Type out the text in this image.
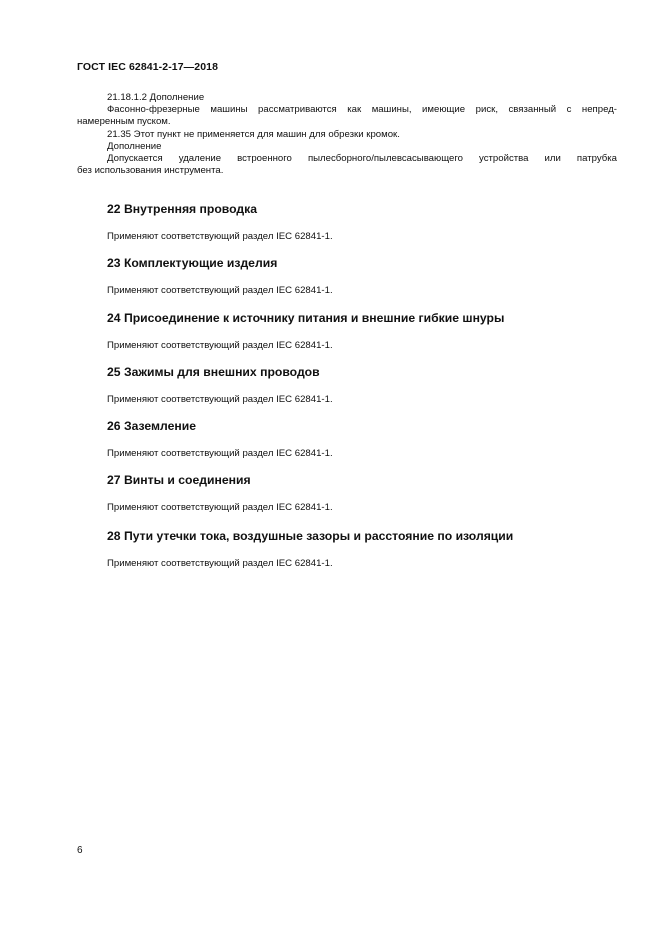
ГОСТ IEC 62841-2-17—2018

21.18.1.2 Дополнение

Фасонно-фрезерные машины рассматриваются как машины, имеющие риск, связанный с непред-

намеренным пуском.

21.35 Этот пункт не применяется для машин для обрезки кромок.

Дополнение

Допускается удаление встроенного пылесборного/пылевсасывающего устройства или патрубка

без использования инструмента.

22 Внутренняя проводка

Применяют соответствующий раздел IEC 62841-1.

23 Комплектующие изделия

Применяют соответствующий раздел IEC 62841-1.

24 Присоединение к источнику питания и внешние гибкие шнуры

Применяют соответствующий раздел IEC 62841-1.

25 Зажимы для внешних проводов

Применяют соответствующий раздел IEC 62841-1.

26 Заземление

Применяют соответствующий раздел IEC 62841-1.

27 Винты и соединения

Применяют соответствующий раздел IEC 62841-1.

28 Пути утечки тока, воздушные зазоры и расстояние по изоляции

Применяют соответствующий раздел IEC 62841-1.

6
